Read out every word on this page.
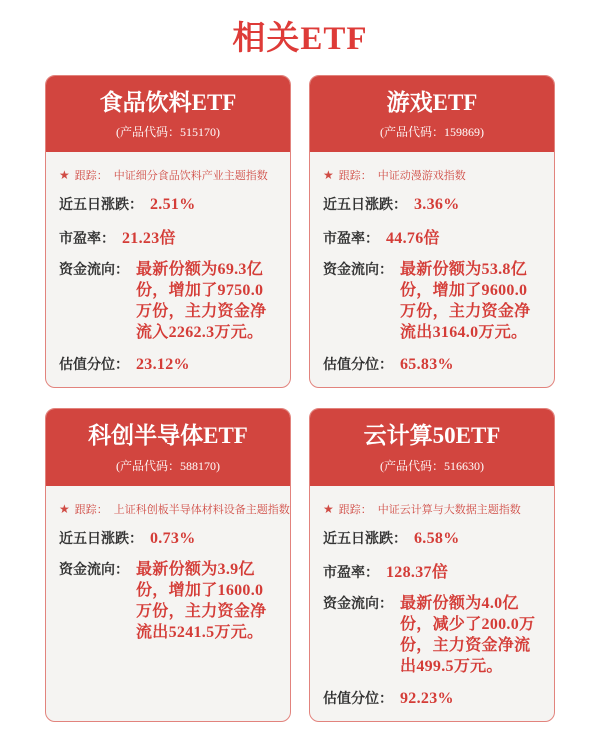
相关ETF
食品饮料ETF
(产品代码：515170)
★ 跟踪： 中证细分食品饮料产业主题指数
近五日涨跌： 2.51%
市盈率： 21.23倍
资金流向： 最新份额为69.3亿份，增加了9750.0万份，主力资金净流入2262.3万元。
估值分位： 23.12%
游戏ETF
(产品代码：159869)
★ 跟踪： 中证动漫游戏指数
近五日涨跌： 3.36%
市盈率： 44.76倍
资金流向： 最新份额为53.8亿份，增加了9600.0万份，主力资金净流出3164.0万元。
估值分位： 65.83%
科创半导体ETF
(产品代码：588170)
★ 跟踪： 上证科创板半导体材料设备主题指数
近五日涨跌： 0.73%
资金流向： 最新份额为3.9亿份，增加了1600.0万份，主力资金净流出5241.5万元。
云计算50ETF
(产品代码：516630)
★ 跟踪： 中证云计算与大数据主题指数
近五日涨跌： 6.58%
市盈率： 128.37倍
资金流向： 最新份额为4.0亿份，减少了200.0万份，主力资金净流出499.5万元。
估值分位： 92.23%
